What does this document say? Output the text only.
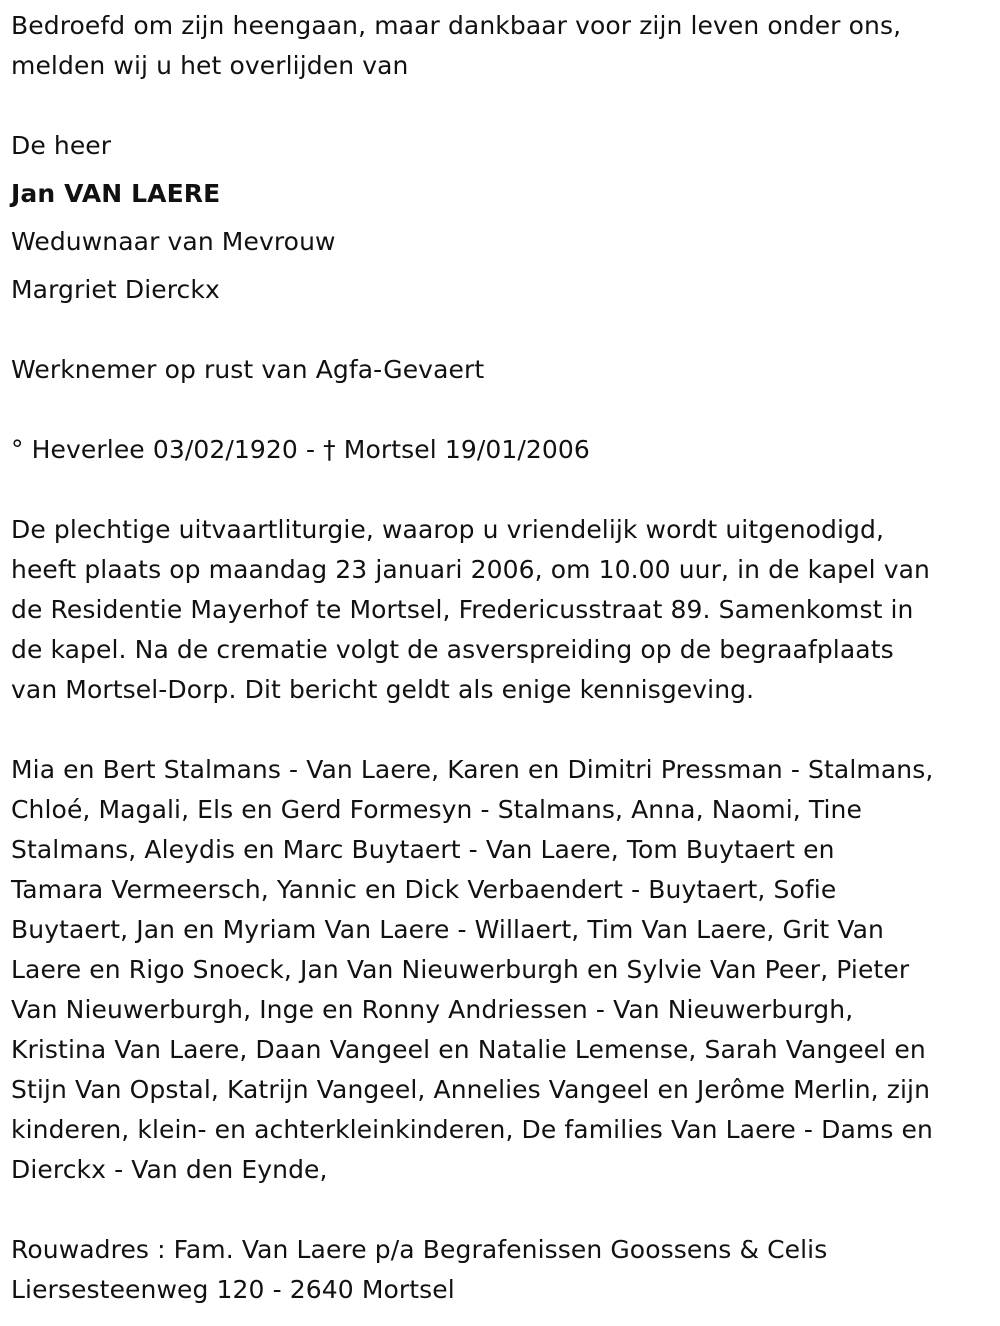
Bedroefd om zijn heengaan, maar dankbaar voor zijn leven onder ons,
melden wij u het overlijden van
De heer
Jan VAN LAERE
Weduwnaar van Mevrouw
Margriet Dierckx
Werknemer op rust van Agfa-Gevaert
° Heverlee 03/02/1920 - † Mortsel 19/01/2006
De plechtige uitvaartliturgie, waarop u vriendelijk wordt uitgenodigd,
heeft plaats op maandag 23 januari 2006, om 10.00 uur, in de kapel van
de Residentie Mayerhof te Mortsel, Fredericusstraat 89. Samenkomst in
de kapel. Na de crematie volgt de asverspreiding op de begraafplaats
van Mortsel-Dorp. Dit bericht geldt als enige kennisgeving.
Mia en Bert Stalmans - Van Laere, Karen en Dimitri Pressman - Stalmans,
Chloé, Magali, Els en Gerd Formesyn - Stalmans, Anna, Naomi, Tine
Stalmans, Aleydis en Marc Buytaert - Van Laere, Tom Buytaert en
Tamara Vermeersch, Yannic en Dick Verbaendert - Buytaert, Sofie
Buytaert, Jan en Myriam Van Laere - Willaert, Tim Van Laere, Grit Van
Laere en Rigo Snoeck, Jan Van Nieuwerburgh en Sylvie Van Peer, Pieter
Van Nieuwerburgh, Inge en Ronny Andriessen - Van Nieuwerburgh,
Kristina Van Laere, Daan Vangeel en Natalie Lemense, Sarah Vangeel en
Stijn Van Opstal, Katrijn Vangeel, Annelies Vangeel en Jerôme Merlin, zijn
kinderen, klein- en achterkleinkinderen, De families Van Laere - Dams en
Dierckx - Van den Eynde,
Rouwadres : Fam. Van Laere p/a Begrafenissen Goossens & Celis
Liersesteenweg 120 - 2640 Mortsel
